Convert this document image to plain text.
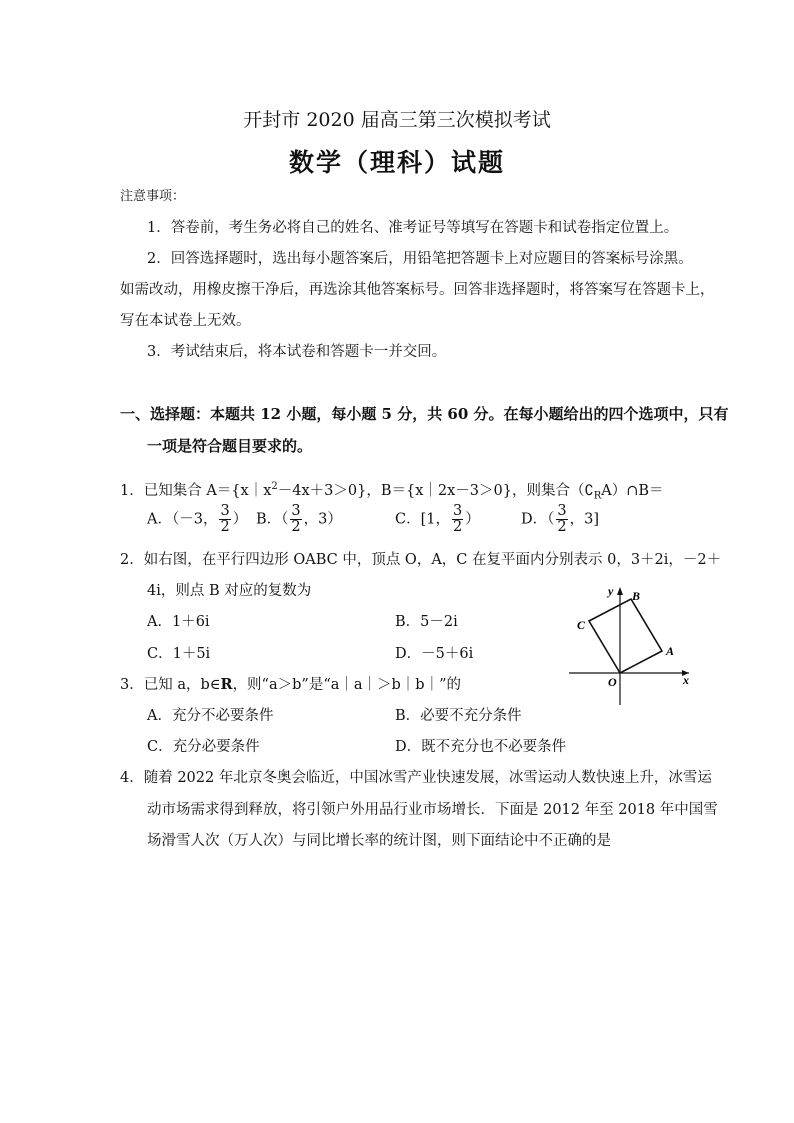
开封市 2020 届高三第三次模拟考试
数学（理科）试题
注意事项：
1．答卷前，考生务必将自己的姓名、准考证号等填写在答题卡和试卷指定位置上。
2．回答选择题时，选出每小题答案后，用铅笔把答题卡上对应题目的答案标号涂黑。
如需改动，用橡皮擦干净后，再选涂其他答案标号。回答非选择题时，将答案写在答题卡上，
写在本试卷上无效。
3．考试结束后，将本试卷和答题卡一并交回。
一、选择题：本题共 12 小题，每小题 5 分，共 60 分。在每小题给出的四个选项中，只有
一项是符合题目要求的。
1．已知集合 $A=\{x|x^2-4x+3>0\}$，B＝{x｜2x－3＞0}，则集合$(∁_RA)\cap B=$
A．（－3， $\frac{3}{2}$ ） B．（ $\frac{3}{2}$ ，3）	C．[1， $\frac{3}{2}$ ）	D．（ $\frac{3}{2}$ ，3]
2．如右图，在平行四边形 OABC 中，顶点 O，A，C 在复平面内分别表示 0，3＋2i，－2＋
4i，则点 B 对应的复数为
A．1＋6i	B．5－2i
C．1＋5i	D．－5＋6i
y
x
O
A
B
C
3．已知 a，b∈R，则“a＞b”是“a｜a｜＞b｜b｜”的
A．充分不必要条件	B．必要不充分条件
C．充分必要条件	D．既不充分也不必要条件
4．随着 2022 年北京冬奥会临近，中国冰雪产业快速发展，冰雪运动人数快速上升，冰雪运
动市场需求得到释放，将引领户外用品行业市场增长．下面是 2012 年至 2018 年中国雪
场滑雪人次（万人次）与同比增长率的统计图，则下面结论中不正确的是
